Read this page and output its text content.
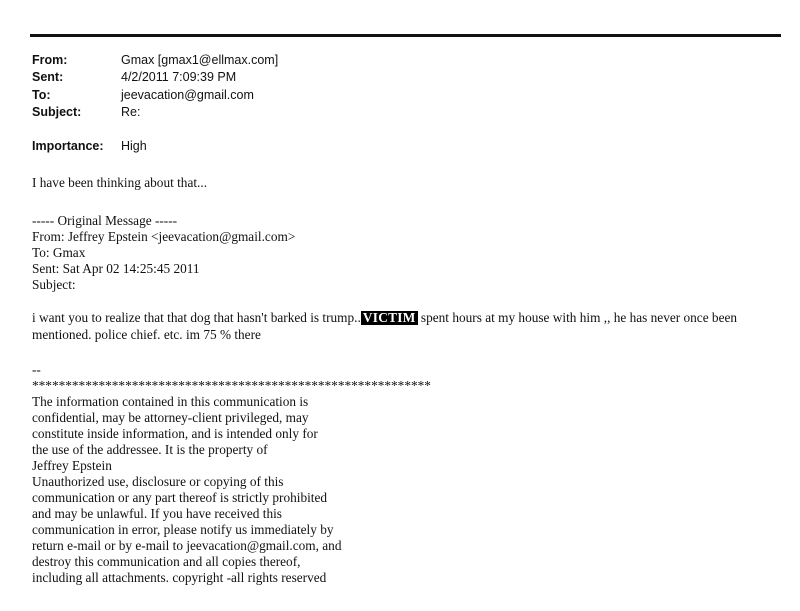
From:	Gmax [gmax1@ellmax.com]
Sent:	4/2/2011 7:09:39 PM
To:	jeevacation@gmail.com
Subject:	Re:
Importance: High
I have been thinking about that...
----- Original Message -----
From: Jeffrey Epstein <jeevacation@gmail.com>
To: Gmax
Sent: Sat Apr 02 14:25:45 2011
Subject:
i want you to realize that that dog that hasn't barked is trump.. VICTIM spent hours at my house with him ,, he has never once been mentioned. police chief. etc. im 75 % there
--
************************************************************
The information contained in this communication is
confidential, may be attorney-client privileged, may
constitute inside information, and is intended only for
the use of the addressee. It is the property of
Jeffrey Epstein
Unauthorized use, disclosure or copying of this
communication or any part thereof is strictly prohibited
and may be unlawful. If you have received this
communication in error, please notify us immediately by
return e-mail or by e-mail to jeevacation@gmail.com, and
destroy this communication and all copies thereof,
including all attachments. copyright -all rights reserved
